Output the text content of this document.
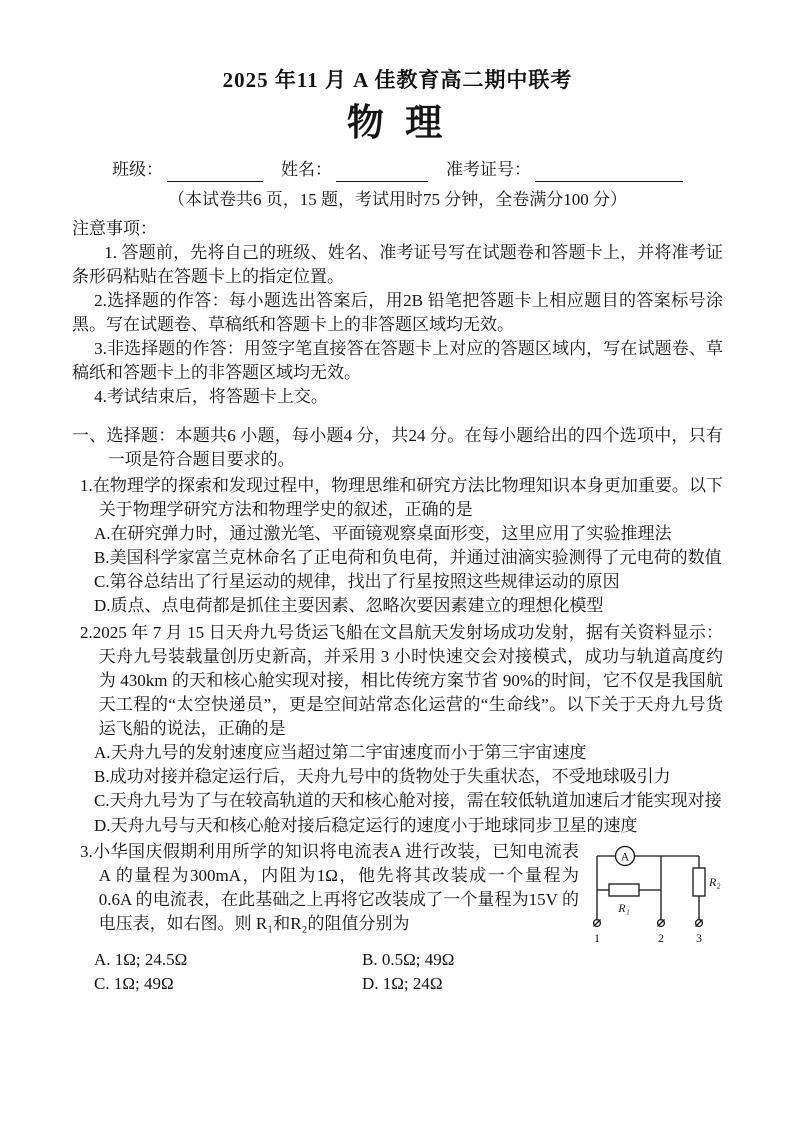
2025 年11 月 A 佳教育高二期中联考
物 理
班级：	姓名：	准考证号：
（本试卷共6 页，15 题，考试用时75 分钟，全卷满分100 分）

注意事项：

1. 答题前，先将自己的班级、姓名、准考证号写在试题卷和答题卡上，并将准考证条形码粘贴在答题卡上的指定位置。

2.选择题的作答：每小题选出答案后，用2B 铅笔把答题卡上相应题目的答案标号涂黑。写在试题卷、草稿纸和答题卡上的非答题区域均无效。

3.非选择题的作答：用签字笔直接答在答题卡上对应的答题区域内，写在试题卷、草稿纸和答题卡上的非答题区域均无效。

4.考试结束后，将答题卡上交。

一、选择题：本题共6 小题，每小题4 分，共24 分。在每小题给出的四个选项中，只有一项是符合题目要求的。

1.在物理学的探索和发现过程中，物理思维和研究方法比物理知识本身更加重要。以下关于物理学研究方法和物理学史的叙述，正确的是

A.在研究弹力时，通过激光笔、平面镜观察桌面形变，这里应用了实验推理法

B.美国科学家富兰克林命名了正电荷和负电荷，并通过油滴实验测得了元电荷的数值

C.第谷总结出了行星运动的规律，找出了行星按照这些规律运动的原因

D.质点、点电荷都是抓住主要因素、忽略次要因素建立的理想化模型

2.2025 年 7 月 15 日天舟九号货运飞船在文昌航天发射场成功发射，据有关资料显示：天舟九号装载量创历史新高，并采用 3 小时快速交会对接模式，成功与轨道高度约为 430km 的天和核心舱实现对接，相比传统方案节省 90%的时间，它不仅是我国航天工程的“太空快递员”，更是空间站常态化运营的“生命线”。以下关于天舟九号货运飞船的说法，正确的是

A.天舟九号的发射速度应当超过第二宇宙速度而小于第三宇宙速度

B.成功对接并稳定运行后，天舟九号中的货物处于失重状态，不受地球吸引力

C.天舟九号为了与在较高轨道的天和核心舱对接，需在较低轨道加速后才能实现对接

D.天舟九号与天和核心舱对接后稳定运行的速度小于地球同步卫星的速度

A
R₁
R₂
1	2	3

3.小华国庆假期利用所学的知识将电流表A 进行改装，已知电流表 A 的量程为300mA，内阻为1Ω，他先将其改装成一个量程为 0.6A 的电流表，在此基础之上再将它改装成了一个量程为15V 的电压表，如右图。则 R₁和R₂的阻值分别为

A. 1Ω; 24.5Ω	B. 0.5Ω; 49Ω

C. 1Ω; 49Ω	D. 1Ω; 24Ω
